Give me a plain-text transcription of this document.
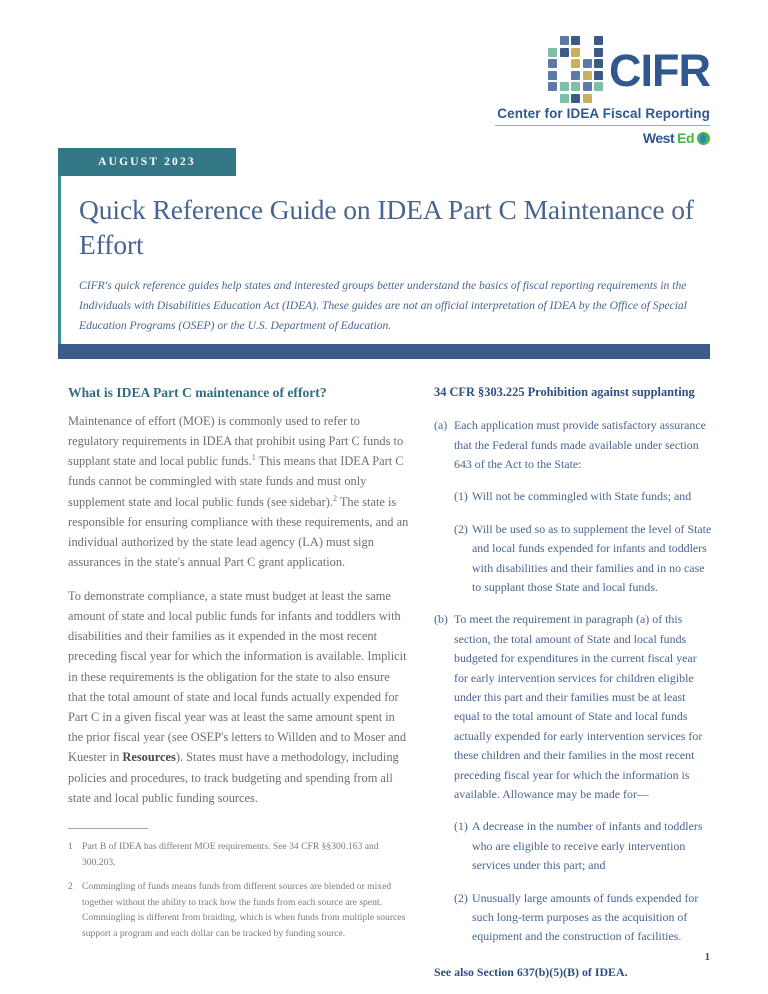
CIFR
Center for IDEA Fiscal Reporting
West Ed
AUGUST 2023
Quick Reference Guide on IDEA Part C Maintenance of Effort

CIFR's quick reference guides help states and interested groups better understand the basics of fiscal reporting requirements in the Individuals with Disabilities Education Act (IDEA). These guides are not an official interpretation of IDEA by the Office of Special Education Programs (OSEP) or the U.S. Department of Education.

What is IDEA Part C maintenance of effort?

Maintenance of effort (MOE) is commonly used to refer to regulatory requirements in IDEA that prohibit using Part C funds to supplant state and local public funds.$^1$ This means that IDEA Part C funds cannot be commingled with state funds and must only supplement state and local public funds (see sidebar).$^2$ The state is responsible for ensuring compliance with these requirements, and an individual authorized by the state lead agency (LA) must sign assurances in the state's annual Part C grant application.

To demonstrate compliance, a state must budget at least the same amount of state and local public funds for infants and toddlers with disabilities and their families as it expended in the most recent preceding fiscal year for which the information is available. Implicit in these requirements is the obligation for the state to also ensure that the total amount of state and local funds actually expended for Part C in a given fiscal year was at least the same amount spent in the prior fiscal year (see OSEP's letters to Willden and to Moser and Kuester in Resources). States must have a methodology, including policies and procedures, to track budgeting and spending from all state and local public funding sources.

34 CFR §303.225 Prohibition against supplanting
(a) Each application must provide satisfactory assurance that the Federal funds made available under section 643 of the Act to the State:
(1) Will not be commingled with State funds; and
(2) Will be used so as to supplement the level of State and local funds expended for infants and toddlers with disabilities and their families and in no case to supplant those State and local funds.
(b) To meet the requirement in paragraph (a) of this section, the total amount of State and local funds budgeted for expenditures in the current fiscal year for early intervention services for children eligible under this part and their families must be at least equal to the total amount of State and local funds actually expended for early intervention services for these children and their families in the most recent preceding fiscal year for which the information is available. Allowance may be made for—
(1) A decrease in the number of infants and toddlers who are eligible to receive early intervention services under this part; and
(2) Unusually large amounts of funds expended for such long-term purposes as the acquisition of equipment and the construction of facilities.

See also Section 637(b)(5)(B) of IDEA.

1 Part B of IDEA has different MOE requirements. See 34 CFR §§300.163 and 300.203.
2 Commingling of funds means funds from different sources are blended or mixed together without the ability to track how the funds from each source are spent. Commingling is different from braiding, which is when funds from multiple sources support a program and each dollar can be tracked by funding source.
1
